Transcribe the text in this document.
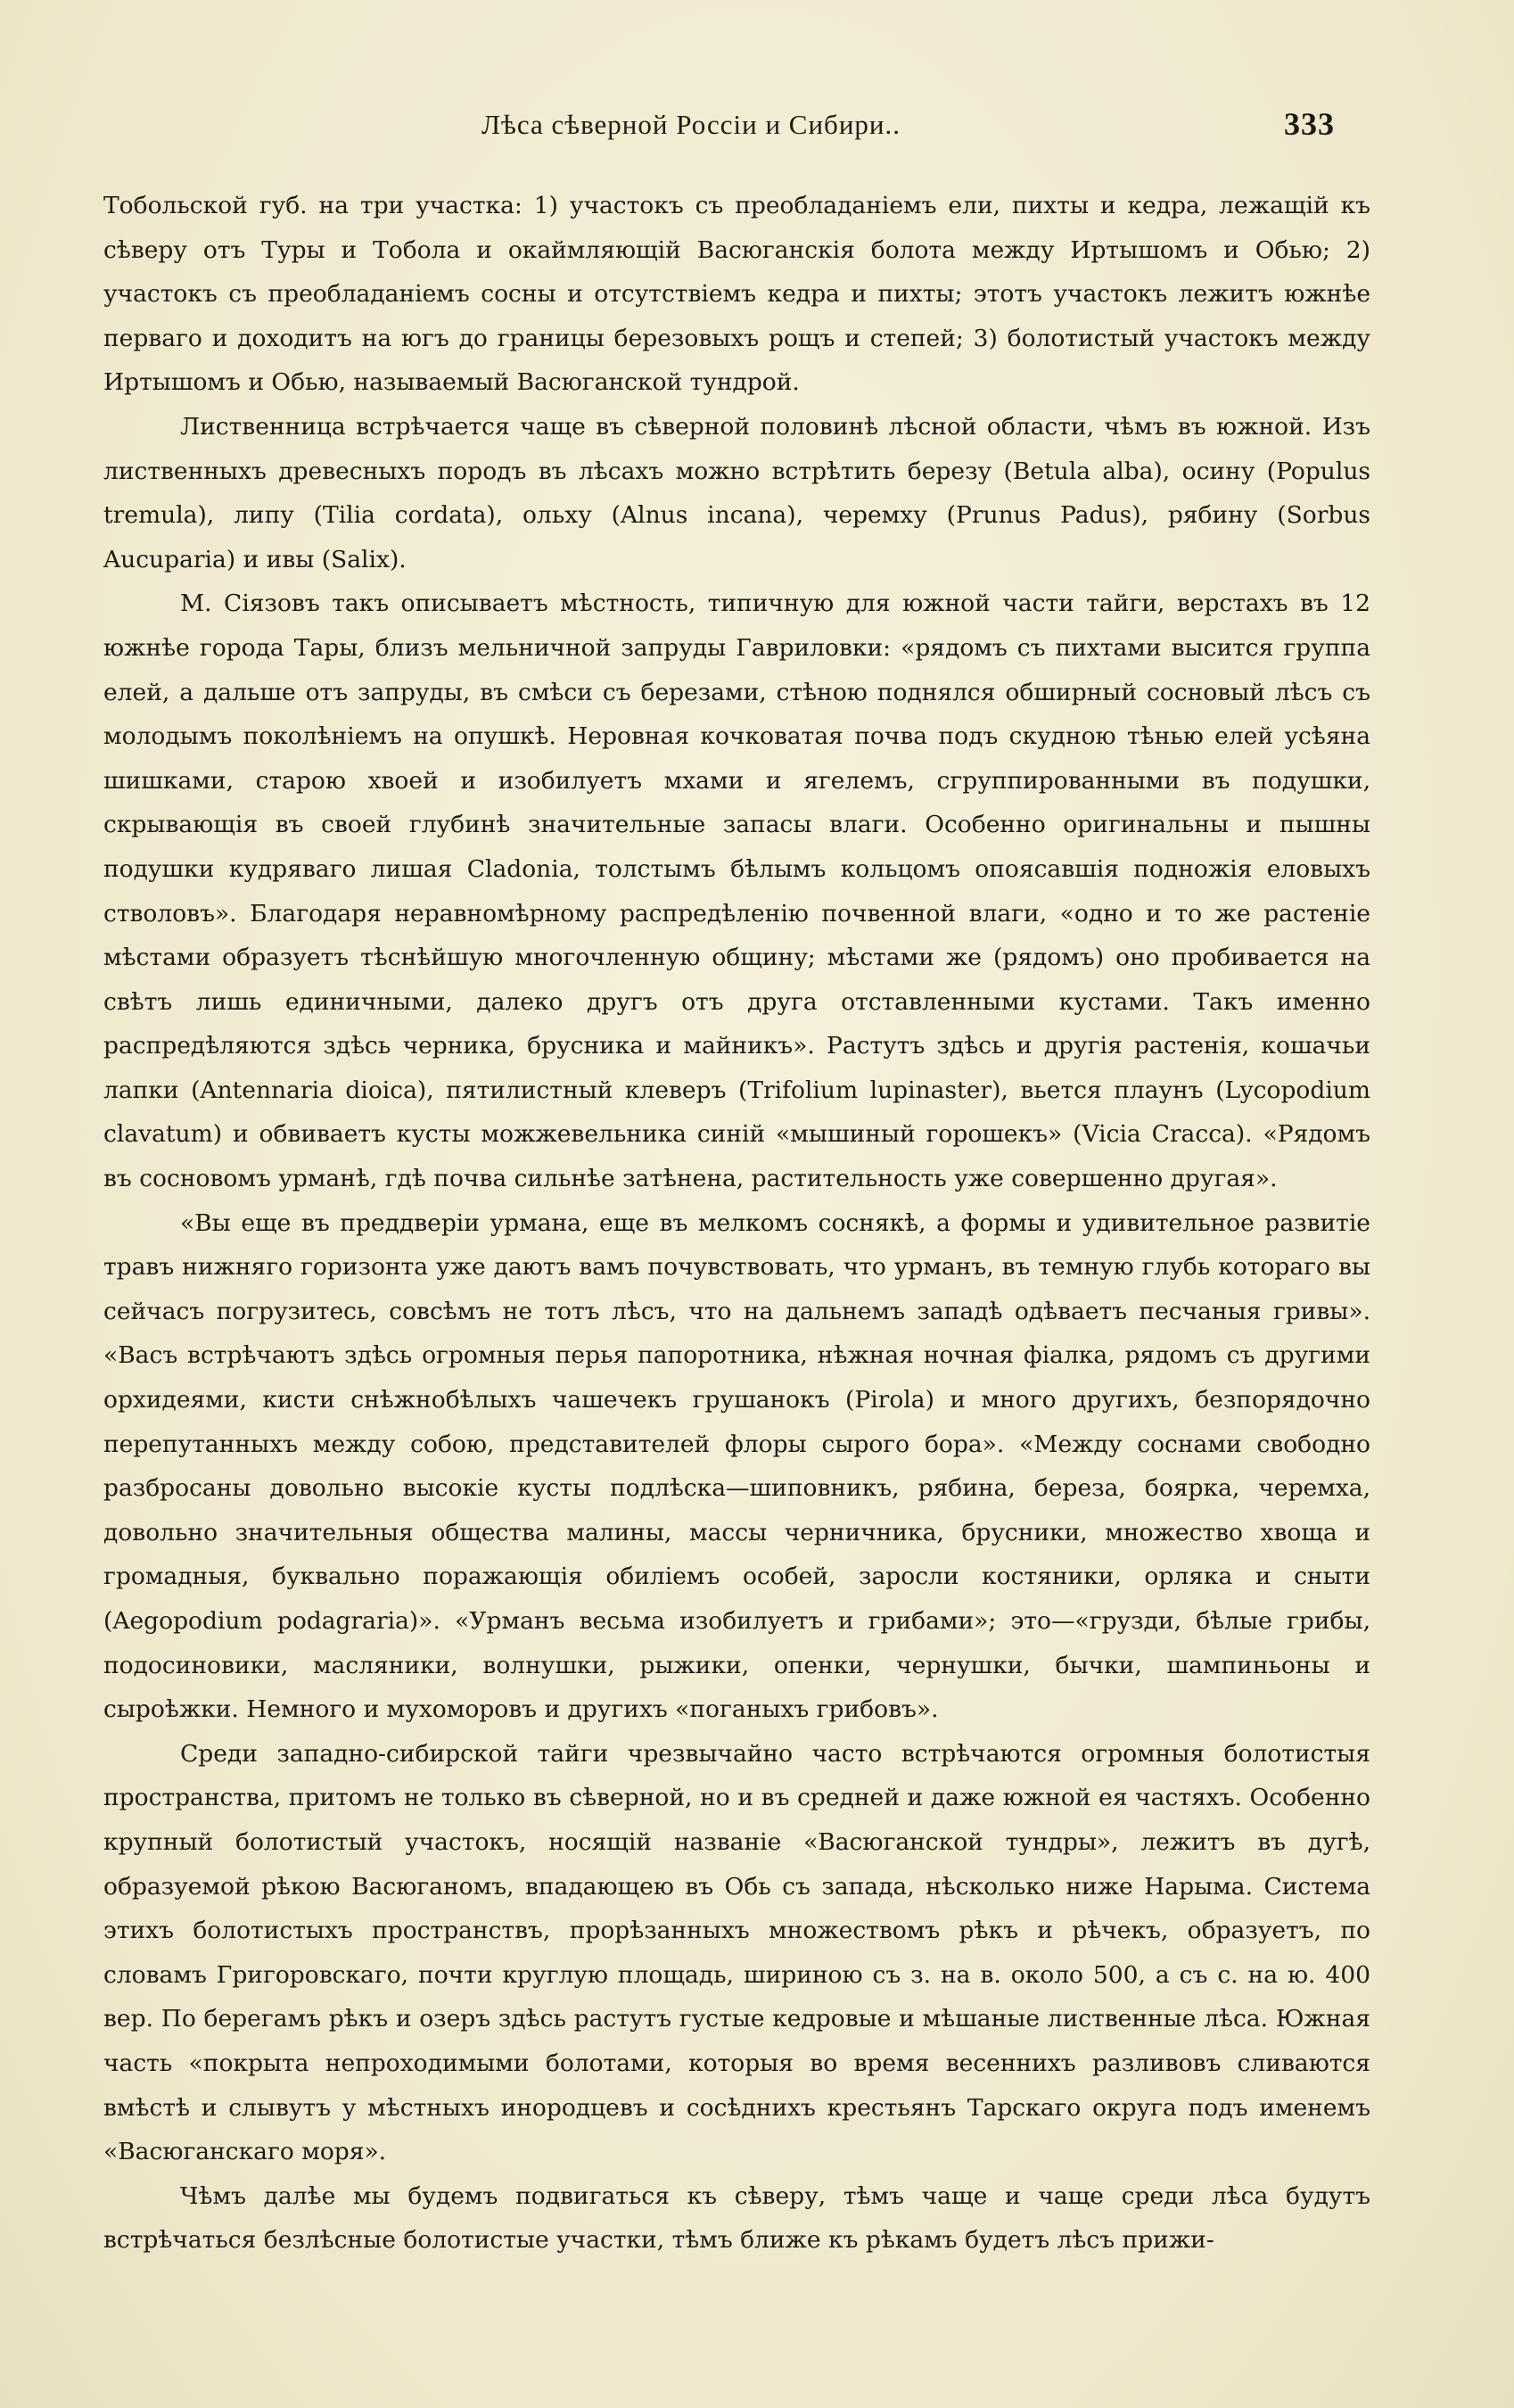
Лѣса сѣверной Россіи и Сибири..	333

Тобольской губ. на три участка: 1) участокъ съ преобладаніемъ ели, пихты и кедра, лежащій къ сѣверу отъ Туры и Тобола и окаймляющій Васюганскія болота между Иртышомъ и Обью; 2) участокъ съ преобладаніемъ сосны и отсутствіемъ кедра и пихты; этотъ участокъ лежитъ южнѣе перваго и доходитъ на югъ до границы березовыхъ рощъ и степей; 3) болотистый участокъ между Иртышомъ и Обью, называемый Васюганской тундрой.

Лиственница встрѣчается чаще въ сѣверной половинѣ лѣсной области, чѣмъ въ южной. Изъ лиственныхъ древесныхъ породъ въ лѣсахъ можно встрѣтить березу (Betula alba), осину (Populus tremula), липу (Tilia cordata), ольху (Alnus incana), черемху (Prunus Padus), рябину (Sorbus Aucuparia) и ивы (Salix).

М. Сіязовъ такъ описываетъ мѣстность, типичную для южной части тайги, верстахъ въ 12 южнѣе города Тары, близъ мельничной запруды Гавриловки: «рядомъ съ пихтами высится группа елей, а дальше отъ запруды, въ смѣси съ березами, стѣною поднялся обширный сосновый лѣсъ съ молодымъ поколѣніемъ на опушкѣ. Неровная кочковатая почва подъ скудною тѣнью елей усѣяна шишками, старою хвоей и изобилуетъ мхами и ягелемъ, сгруппированными въ подушки, скрывающія въ своей глубинѣ значительные запасы влаги. Особенно оригинальны и пышны подушки кудряваго лишая Cladonia, толстымъ бѣлымъ кольцомъ опоясавшія подножія еловыхъ стволовъ». Благодаря неравномѣрному распредѣленію почвенной влаги, «одно и то же растеніе мѣстами образуетъ тѣснѣйшую многочленную общину; мѣстами же (рядомъ) оно пробивается на свѣтъ лишь единичными, далеко другъ отъ друга отставленными кустами. Такъ именно распредѣляются здѣсь черника, брусника и майникъ». Растутъ здѣсь и другія растенія, кошачьи лапки (Antennaria dioica), пятилистный клеверъ (Trifolium lupinaster), вьется плаунъ (Lycopodium clavatum) и обвиваетъ кусты можжевельника синій «мышиный горошекъ» (Vicia Cracca). «Рядомъ въ сосновомъ урманѣ, гдѣ почва сильнѣе затѣнена, растительность уже совершенно другая».

«Вы еще въ преддверіи урмана, еще въ мелкомъ соснякѣ, а формы и удивительное развитіе травъ нижняго горизонта уже даютъ вамъ почувствовать, что урманъ, въ темную глубь котораго вы сейчасъ погрузитесь, совсѣмъ не тотъ лѣсъ, что на дальнемъ западѣ одѣваетъ песчаныя гривы». «Васъ встрѣчаютъ здѣсь огромныя перья папоротника, нѣжная ночная фіалка, рядомъ съ другими орхидеями, кисти снѣжнобѣлыхъ чашечекъ грушанокъ (Pirola) и много другихъ, безпорядочно перепутанныхъ между собою, представителей флоры сырого бора». «Между соснами свободно разбросаны довольно высокіе кусты подлѣска—шиповникъ, рябина, береза, боярка, черемха, довольно значительныя общества малины, массы черничника, брусники, множество хвоща и громадныя, буквально поражающія обиліемъ особей, заросли костяники, орляка и сныти (Aegopodium podagraria)». «Урманъ весьма изобилуетъ и грибами»; это—«грузди, бѣлые грибы, подосиновики, масляники, волнушки, рыжики, опенки, чернушки, бычки, шампиньоны и сыроѣжки. Немного и мухоморовъ и другихъ «поганыхъ грибовъ».

Среди западно-сибирской тайги чрезвычайно часто встрѣчаются огромныя болотистыя пространства, притомъ не только въ сѣверной, но и въ средней и даже южной ея частяхъ. Особенно крупный болотистый участокъ, носящій названіе «Васюганской тундры», лежитъ въ дугѣ, образуемой рѣкою Васюганомъ, впадающею въ Обь съ запада, нѣсколько ниже Нарыма. Система этихъ болотистыхъ пространствъ, прорѣзанныхъ множествомъ рѣкъ и рѣчекъ, образуетъ, по словамъ Григоровскаго, почти круглую площадь, шириною съ з. на в. около 500, а съ с. на ю. 400 вер. По берегамъ рѣкъ и озеръ здѣсь растутъ густые кедровые и мѣшаные лиственные лѣса. Южная часть «покрыта непроходимыми болотами, которыя во время весеннихъ разливовъ сливаются вмѣстѣ и слывутъ у мѣстныхъ инородцевъ и сосѣднихъ крестьянъ Тарскаго округа подъ именемъ «Васюганскаго моря».

Чѣмъ далѣе мы будемъ подвигаться къ сѣверу, тѣмъ чаще и чаще среди лѣса будутъ встрѣчаться безлѣсные болотистые участки, тѣмъ ближе къ рѣкамъ будетъ лѣсъ прижи-
